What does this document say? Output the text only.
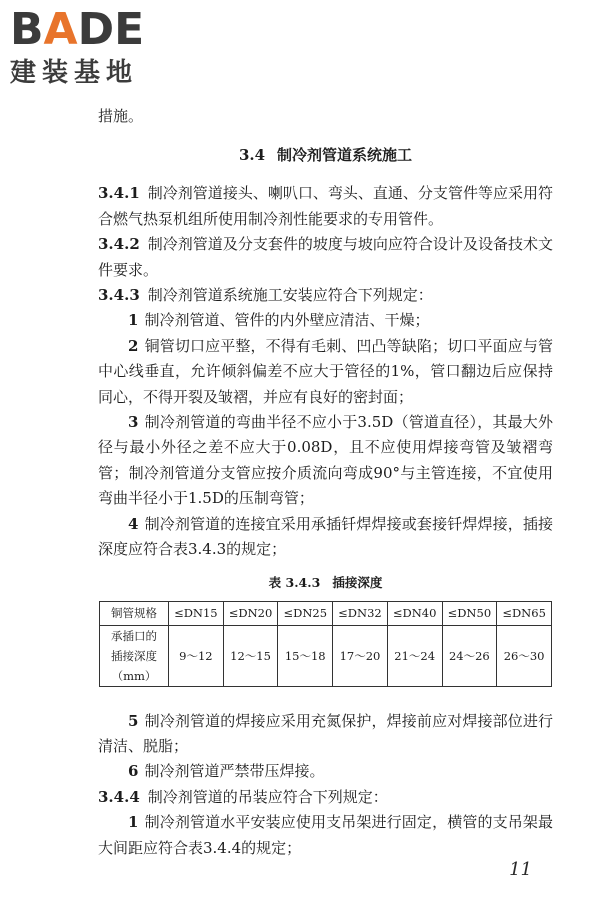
BADE
建装基地

措施。

3.4 制冷剂管道系统施工

3.4.1 制冷剂管道接头、喇叭口、弯头、直通、分支管件等应采用符合燃气热泵机组所使用制冷剂性能要求的专用管件。

3.4.2 制冷剂管道及分支套件的坡度与坡向应符合设计及设备技术文件要求。

3.4.3 制冷剂管道系统施工安装应符合下列规定：

1 制冷剂管道、管件的内外壁应清洁、干燥；

2 铜管切口应平整，不得有毛刺、凹凸等缺陷；切口平面应与管中心线垂直，允许倾斜偏差不应大于管径的1%，管口翻边后应保持同心，不得开裂及皱褶，并应有良好的密封面；

3 制冷剂管道的弯曲半径不应小于3.5D（管道直径），其最大外径与最小外径之差不应大于0.08D，且不应使用焊接弯管及皱褶弯管；制冷剂管道分支管应按介质流向弯成90°与主管连接，不宜使用弯曲半径小于1.5D的压制弯管；

4 制冷剂管道的连接宜采用承插钎焊焊接或套接钎焊焊接，插接深度应符合表3.4.3的规定；

表 3.4.3 插接深度
铜管规格	≤DN15	≤DN20	≤DN25	≤DN32	≤DN40	≤DN50	≤DN65

承插口的
插接深度
（mm）	9～12	12～15	15～18	17～20	21～24	24～26	26～30

5 制冷剂管道的焊接应采用充氮保护，焊接前应对焊接部位进行清洁、脱脂；

6 制冷剂管道严禁带压焊接。

3.4.4 制冷剂管道的吊装应符合下列规定：

1 制冷剂管道水平安装应使用支吊架进行固定，横管的支吊架最大间距应符合表3.4.4的规定；

11
